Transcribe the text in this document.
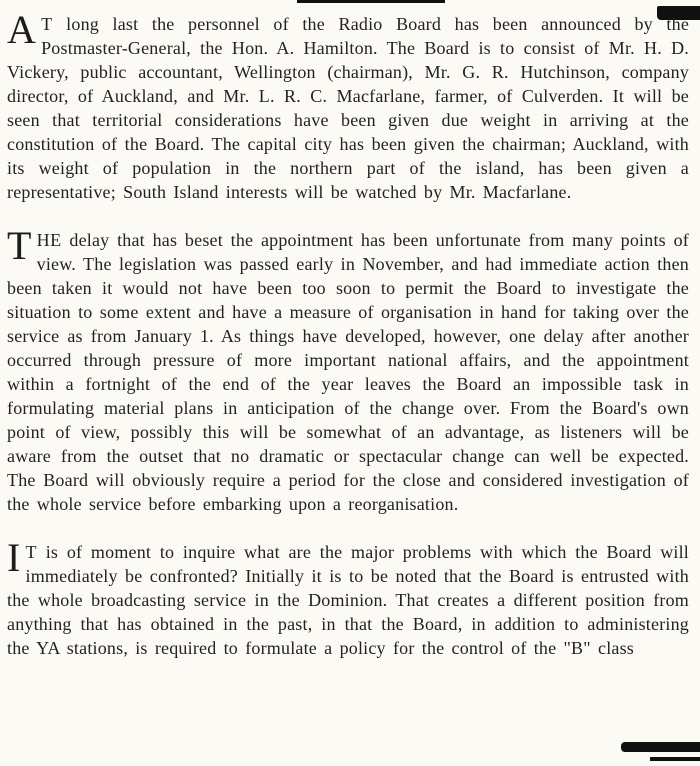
A T long last the personnel of the Radio Board has been announced by the Postmaster-General, the Hon. A. Hamilton. The Board is to consist of Mr. H. D. Vickery, public accountant, Wellington (chairman), Mr. G. R. Hutchinson, company director, of Auckland, and Mr. L. R. C. Macfarlane, farmer, of Culverden. It will be seen that territorial considerations have been given due weight in arriving at the constitution of the Board. The capital city has been given the chairman; Auckland, with its weight of population in the northern part of the island, has been given a representative; South Island interests will be watched by Mr. Macfarlane.

THE delay that has beset the appointment has been unfortunate from many points of view. The legislation was passed early in November, and had immediate action then been taken it would not have been too soon to permit the Board to investigate the situation to some extent and have a measure of organisation in hand for taking over the service as from January 1. As things have developed, however, one delay after another occurred through pressure of more important national affairs, and the appointment within a fortnight of the end of the year leaves the Board an impossible task in formulating material plans in anticipation of the change over. From the Board's own point of view, possibly this will be somewhat of an advantage, as listeners will be aware from the outset that no dramatic or spectacular change can well be expected. The Board will obviously require a period for the close and considered investigation of the whole service before embarking upon a reorganisation.

I T is of moment to inquire what are the major problems with which the Board will immediately be confronted? Initially it is to be noted that the Board is entrusted with the whole broadcasting service in the Dominion. That creates a different position from anything that has obtained in the past, in that the Board, in addition to administering the YA stations, is required to formulate a policy for the control of the "B" class
